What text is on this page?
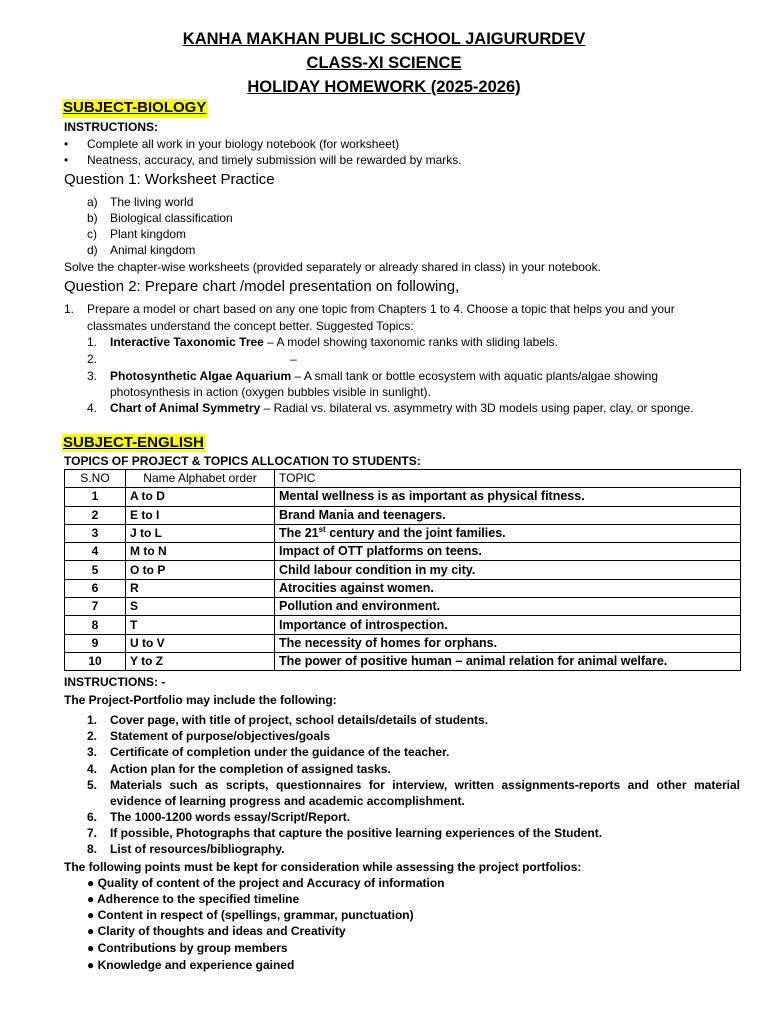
KANHA MAKHAN PUBLIC SCHOOL JAIGURURDEV
CLASS-XI SCIENCE
HOLIDAY HOMEWORK (2025-2026)
SUBJECT-BIOLOGY
INSTRUCTIONS:
• Complete all work in your biology notebook (for worksheet)
• Neatness, accuracy, and timely submission will be rewarded by marks.
Question 1: Worksheet Practice
a) The living world
b) Biological classification
c) Plant kingdom
d) Animal kingdom
Solve the chapter-wise worksheets (provided separately or already shared in class) in your notebook.
Question 2: Prepare chart /model presentation on following,
1. Prepare a model or chart based on any one topic from Chapters 1 to 4. Choose a topic that helps you and your
classmates understand the concept better. Suggested Topics:
1. Interactive Taxonomic Tree – A model showing taxonomic ranks with sliding labels.
2.	–
3. Photosynthetic Algae Aquarium – A small tank or bottle ecosystem with aquatic plants/algae showing
photosynthesis in action (oxygen bubbles visible in sunlight).
4. Chart of Animal Symmetry – Radial vs. bilateral vs. asymmetry with 3D models using paper, clay, or sponge.
SUBJECT-ENGLISH
TOPICS OF PROJECT & TOPICS ALLOCATION TO STUDENTS:
S.NO	Name Alphabet order	TOPIC
1	A to D	Mental wellness is as important as physical fitness.
2	E to I	Brand Mania and teenagers.
3	J to L	The 21st century and the joint families.
4	M to N	Impact of OTT platforms on teens.
5	O to P	Child labour condition in my city.
6	R	Atrocities against women.
7	S	Pollution and environment.
8	T	Importance of introspection.
9	U to V	The necessity of homes for orphans.
10	Y to Z	The power of positive human – animal relation for animal welfare.
INSTRUCTIONS: -
The Project-Portfolio may include the following:
1. Cover page, with title of project, school details/details of students.
2. Statement of purpose/objectives/goals
3. Certificate of completion under the guidance of the teacher.
4. Action plan for the completion of assigned tasks.
5. Materials such as scripts, questionnaires for interview, written assignments-reports and other material
evidence of learning progress and academic accomplishment.
6. The 1000-1200 words essay/Script/Report.
7. If possible, Photographs that capture the positive learning experiences of the Student.
8. List of resources/bibliography.
The following points must be kept for consideration while assessing the project portfolios:
● Quality of content of the project and Accuracy of information
● Adherence to the specified timeline
● Content in respect of (spellings, grammar, punctuation)
● Clarity of thoughts and ideas and Creativity
● Contributions by group members
● Knowledge and experience gained
